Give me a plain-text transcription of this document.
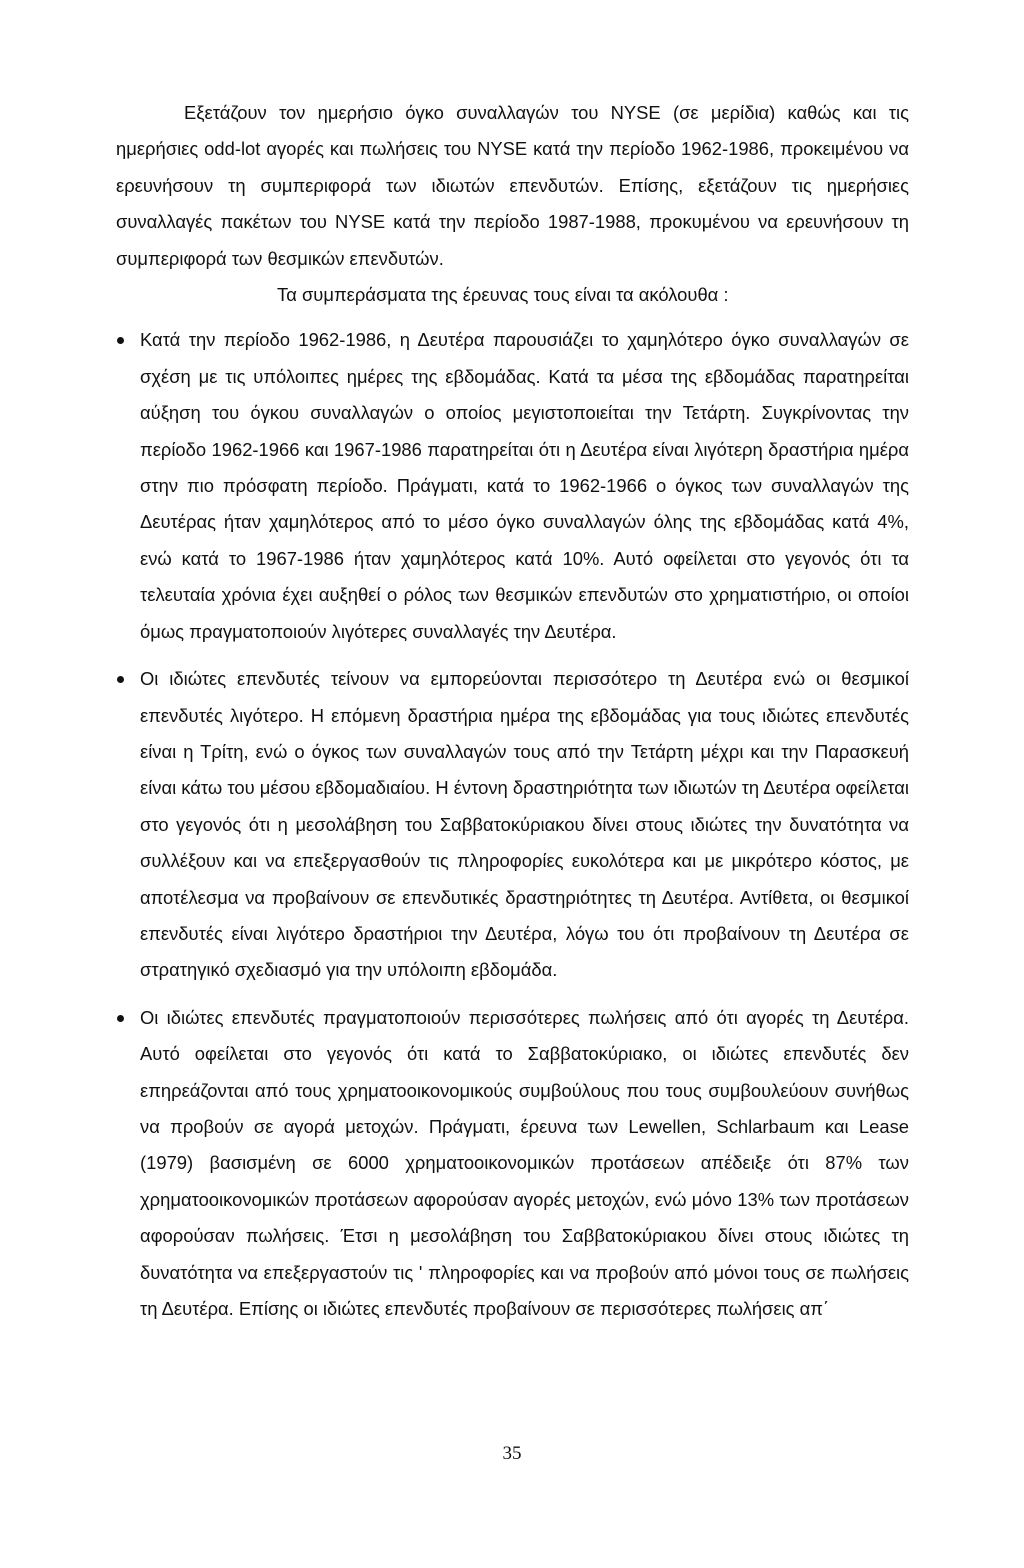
Εξετάζουν τον ημερήσιο όγκο συναλλαγών του NYSE (σε μερίδια) καθώς και τις ημερήσιες odd-lot αγορές και πωλήσεις του NYSE κατά την περίοδο 1962-1986, προκειμένου να ερευνήσουν τη συμπεριφορά των ιδιωτών επενδυτών. Επίσης, εξετάζουν τις ημερήσιες συναλλαγές πακέτων του NYSE κατά την περίοδο 1987-1988, προκυμένου να ερευνήσουν τη συμπεριφορά των θεσμικών επενδυτών.

Τα συμπεράσματα της έρευνας τους είναι τα ακόλουθα :

Κατά την περίοδο 1962-1986, η Δευτέρα παρουσιάζει το χαμηλότερο όγκο συναλλαγών σε σχέση με τις υπόλοιπες ημέρες της εβδομάδας. Κατά τα μέσα της εβδομάδας παρατηρείται αύξηση του όγκου συναλλαγών ο οποίος μεγιστοποιείται την Τετάρτη. Συγκρίνοντας την περίοδο 1962-1966 και 1967-1986 παρατηρείται ότι η Δευτέρα είναι λιγότερη δραστήρια ημέρα στην πιο πρόσφατη περίοδο. Πράγματι, κατά το 1962-1966 ο όγκος των συναλλαγών της Δευτέρας ήταν χαμηλότερος από το μέσο όγκο συναλλαγών όλης της εβδομάδας κατά 4%, ενώ κατά το 1967-1986 ήταν χαμηλότερος κατά 10%. Αυτό οφείλεται στο γεγονός ότι τα τελευταία χρόνια έχει αυξηθεί ο ρόλος των θεσμικών επενδυτών στο χρηματιστήριο, οι οποίοι όμως πραγματοποιούν λιγότερες συναλλαγές την Δευτέρα.
Οι ιδιώτες επενδυτές τείνουν να εμπορεύονται περισσότερο τη Δευτέρα ενώ οι θεσμικοί επενδυτές λιγότερο. Η επόμενη δραστήρια ημέρα της εβδομάδας για τους ιδιώτες επενδυτές είναι η Τρίτη, ενώ ο όγκος των συναλλαγών τους από την Τετάρτη μέχρι και την Παρασκευή είναι κάτω του μέσου εβδομαδιαίου. Η έντονη δραστηριότητα των ιδιωτών τη Δευτέρα οφείλεται στο γεγονός ότι η μεσολάβηση του Σαββατοκύριακου δίνει στους ιδιώτες την δυνατότητα να συλλέξουν και να επεξεργασθούν τις πληροφορίες ευκολότερα και με μικρότερο κόστος, με αποτέλεσμα να προβαίνουν σε επενδυτικές δραστηριότητες τη Δευτέρα. Αντίθετα, οι θεσμικοί επενδυτές είναι λιγότερο δραστήριοι την Δευτέρα, λόγω του ότι προβαίνουν τη Δευτέρα σε στρατηγικό σχεδιασμό για την υπόλοιπη εβδομάδα.
Οι ιδιώτες επενδυτές πραγματοποιούν περισσότερες πωλήσεις από ότι αγορές τη Δευτέρα. Αυτό οφείλεται στο γεγονός ότι κατά το Σαββατοκύριακο, οι ιδιώτες επενδυτές δεν επηρεάζονται από τους χρηματοοικονομικούς συμβούλους που τους συμβουλεύουν συνήθως να προβούν σε αγορά μετοχών. Πράγματι, έρευνα των Lewellen, Schlarbaum και Lease (1979) βασισμένη σε 6000 χρηματοοικονομικών προτάσεων απέδειξε ότι 87% των χρηματοοικονομικών προτάσεων αφορούσαν αγορές μετοχών, ενώ μόνο 13% των προτάσεων αφορούσαν πωλήσεις. Έτσι η μεσολάβηση του Σαββατοκύριακου δίνει στους ιδιώτες τη δυνατότητα να επεξεργαστούν τις ' πληροφορίες και να προβούν από μόνοι τους σε πωλήσεις τη Δευτέρα. Επίσης οι ιδιώτες επενδυτές προβαίνουν σε περισσότερες πωλήσεις απ΄
35
